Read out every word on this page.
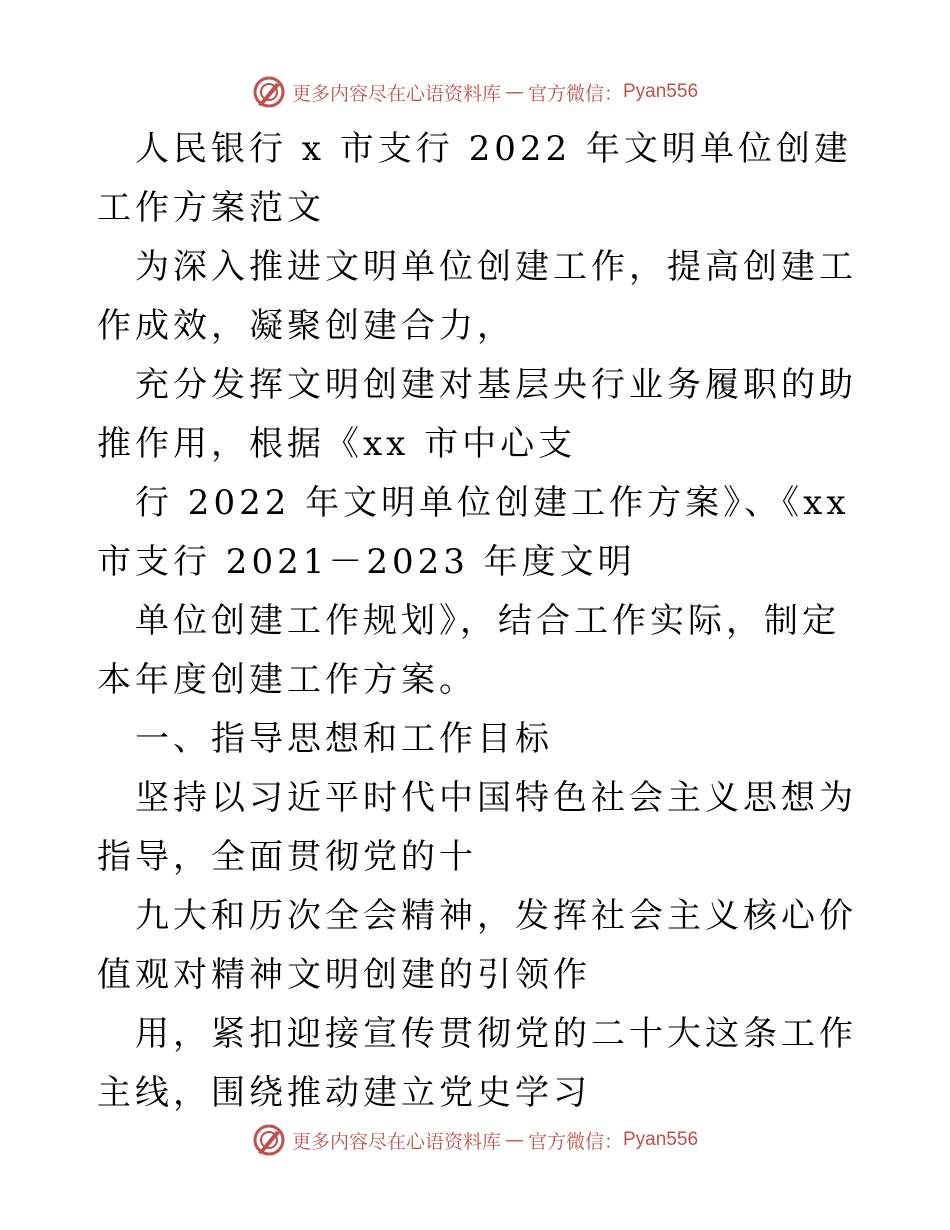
更多内容尽在心语资料库 — 官方微信： Pyan556

人民银行 x 市支行 2022 年文明单位创建工作方案范文

为深入推进文明单位创建工作，提高创建工作成效，凝聚创建合力，

充分发挥文明创建对基层央行业务履职的助推作用，根据《xx 市中心支

行 2022 年文明单位创建工作方案》、《xx 市支行 2021－2023 年度文明

单位创建工作规划》，结合工作实际，制定本年度创建工作方案。

一、指导思想和工作目标

坚持以习近平时代中国特色社会主义思想为指导，全面贯彻党的十

九大和历次全会精神，发挥社会主义核心价值观对精神文明创建的引领作

用，紧扣迎接宣传贯彻党的二十大这条工作主线，围绕推动建立党史学习

更多内容尽在心语资料库 — 官方微信： Pyan556
